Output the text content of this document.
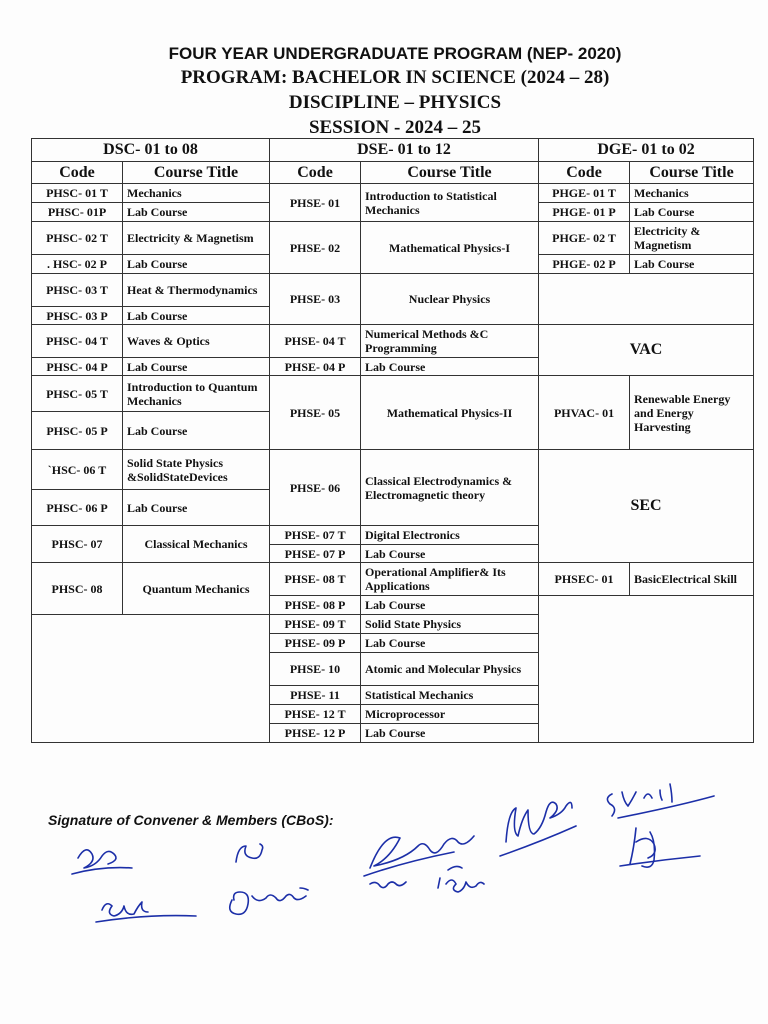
FOUR YEAR UNDERGRADUATE PROGRAM (NEP- 2020)
PROGRAM: BACHELOR IN SCIENCE (2024 – 28)
DISCIPLINE – PHYSICS
SESSION - 2024 – 25
DSC- 01 to 08		DSE- 01 to 12		DGE- 01 to 02	
Code	Course Title	Code	Course Title	Code	Course Title
PHSC- 01 T	Mechanics	PHSE- 01	Introduction to Statistical Mechanics	PHGE- 01 T	Mechanics
PHSC- 01P	Lab Course			PHGE- 01 P	Lab Course
PHSC- 02 T	Electricity & Magnetism	PHSE- 02	Mathematical Physics-I	PHGE- 02 T	Electricity & Magnetism
. HSC- 02 P	Lab Course			PHGE- 02 P	Lab Course
PHSC- 03 T	Heat & Thermodynamics	PHSE- 03	Nuclear Physics		
PHSC- 03 P	Lab Course				
PHSC- 04 T	Waves & Optics	PHSE- 04 T	Numerical Methods &C Programming	VAC	
PHSC- 04 P	Lab Course	PHSE- 04 P	Lab Course		
PHSC- 05 T	Introduction to Quantum Mechanics	PHSE- 05	Mathematical Physics-II	PHVAC- 01	Renewable Energy and Energy Harvesting
PHSC- 05 P	Lab Course				
`HSC- 06 T	Solid State Physics &SolidStateDevices	PHSE- 06	Classical Electrodynamics & Electromagnetic theory	SEC	
PHSC- 06 P	Lab Course				
PHSC- 07	Classical Mechanics	PHSE- 07 T	Digital Electronics		
		PHSE- 07 P	Lab Course		
PHSC- 08	Quantum Mechanics	PHSE- 08 T	Operational Amplifier& Its Applications	PHSEC- 01	BasicElectrical Skill
		PHSE- 08 P	Lab Course		
		PHSE- 09 T	Solid State Physics		
		PHSE- 09 P	Lab Course		
		PHSE- 10	Atomic and Molecular Physics		
		PHSE- 11	Statistical Mechanics		
		PHSE- 12 T	Microprocessor		
		PHSE- 12 P	Lab Course		
Signature of Convener & Members (CBoS):
